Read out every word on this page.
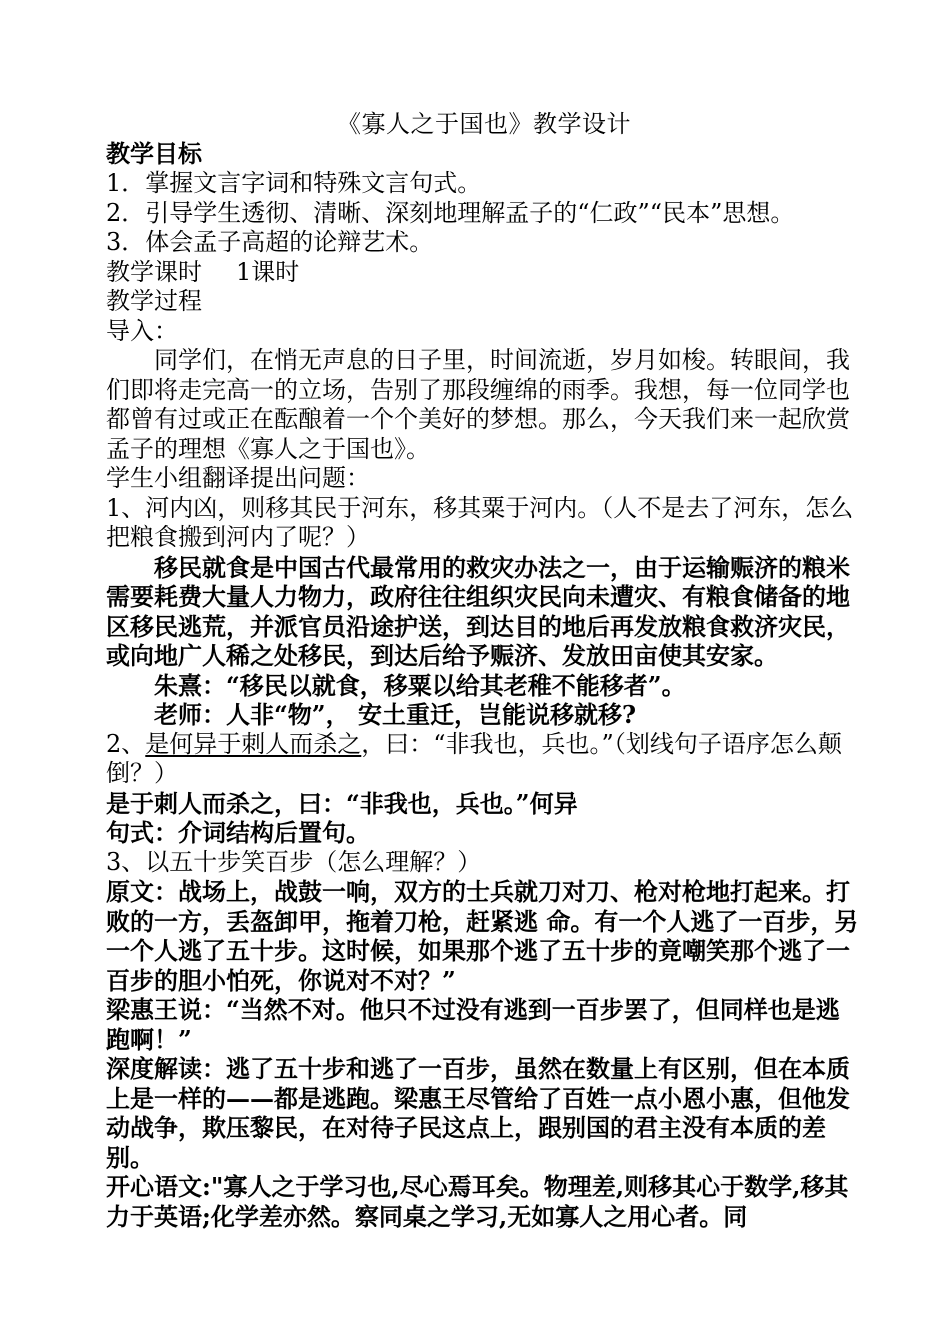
《寡人之于国也》教学设计

教学目标

1．掌握文言字词和特殊文言句式。

2．引导学生透彻、清晰、深刻地理解孟子的“仁政”“民本”思想。

3．体会孟子高超的论辩艺术。

教学课时 1课时

教学过程

导入：

同学们，在悄无声息的日子里，时间流逝，岁月如梭。转眼间，我们即将走完高一的立场，告别了那段缠绵的雨季。我想，每一位同学也都曾有过或正在酝酿着一个个美好的梦想。那么，今天我们来一起欣赏孟子的理想《寡人之于国也》。

学生小组翻译提出问题：

1、河内凶，则移其民于河东，移其粟于河内。（人不是去了河东，怎么把粮食搬到河内了呢？）

移民就食是中国古代最常用的救灾办法之一，由于运输赈济的粮米需要耗费大量人力物力，政府往往组织灾民向未遭灾、有粮食储备的地区移民逃荒，并派官员沿途护送，到达目的地后再发放粮食救济灾民，或向地广人稀之处移民，到达后给予赈济、发放田亩使其安家。

朱熹：“移民以就食，移粟以给其老稚不能移者”。

老师：人非“物”， 安土重迁，岂能说移就移?

2、是何异于刺人而杀之，曰：“非我也，兵也。”（划线句子语序怎么颠倒？）

是于刺人而杀之，曰：“非我也，兵也。”何异

句式：介词结构后置句。

3、以五十步笑百步（怎么理解？）

原文：战场上，战鼓一响，双方的士兵就刀对刀、枪对枪地打起来。打败的一方，丢盔卸甲，拖着刀枪，赶紧逃 命。有一个人逃了一百步，另一个人逃了五十步。这时候，如果那个逃了五十步的竟嘲笑那个逃了一百步的胆小怕死，你说对不对？”

梁惠王说：“当然不对。他只不过没有逃到一百步罢了，但同样也是逃跑啊！”

深度解读：逃了五十步和逃了一百步，虽然在数量上有区别，但在本质上是一样的——都是逃跑。梁惠王尽管给了百姓一点小恩小惠，但他发动战争，欺压黎民，在对待子民这点上，跟别国的君主没有本质的差别。

开心语文:"寡人之于学习也,尽心焉耳矣。物理差,则移其心于数学,移其力于英语;化学差亦然。察同桌之学习,无如寡人之用心者。同
